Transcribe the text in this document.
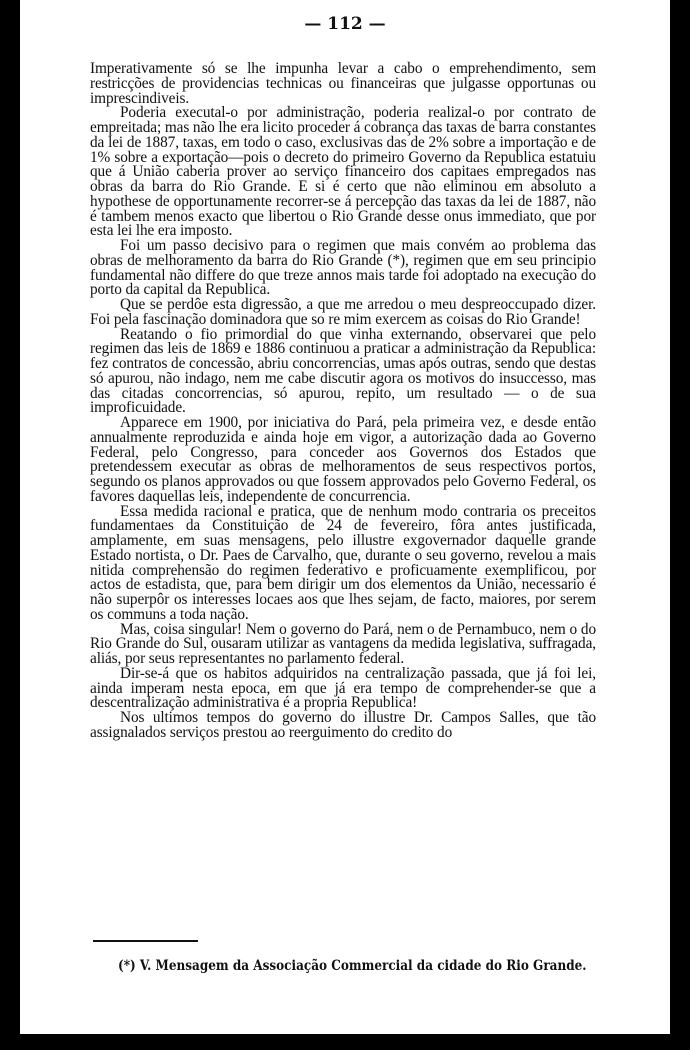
— 112 —

Imperativamente só se lhe impunha levar a cabo o emprehendimento, sem restricções de providencias technicas ou financeiras que julgasse opportunas ou imprescindiveis.

Poderia executal-o por administração, poderia realizal-o por contrato de empreitada; mas não lhe era licito proceder á cobrança das taxas de barra constantes da lei de 1887, taxas, em todo o caso, exclusivas das de 2% sobre a importação e de 1% sobre a exportação—pois o decreto do primeiro Governo da Republica estatuiu que á União caberia prover ao serviço financeiro dos capitaes empregados nas obras da barra do Rio Grande. E si é certo que não eliminou em absoluto a hypothese de opportunamente recorrer-se á percepção das taxas da lei de 1887, não é tambem menos exacto que libertou o Rio Grande desse onus immediato, que por esta lei lhe era imposto.

Foi um passo decisivo para o regimen que mais convém ao problema das obras de melhoramento da barra do Rio Grande (*), regimen que em seu principio fundamental não differe do que treze annos mais tarde foi adoptado na execução do porto da capital da Republica.

Que se perdôe esta digressão, a que me arredou o meu despreoccupado dizer. Foi pela fascinação dominadora que so re mim exercem as coisas do Rio Grande!

Reatando o fio primordial do que vinha externando, observarei que pelo regimen das leis de 1869 e 1886 continuou a praticar a administração da Republica: fez contratos de concessão, abriu concorrencias, umas após outras, sendo que destas só apurou, não indago, nem me cabe discutir agora os motivos do insuccesso, mas das citadas concorrencias, só apurou, repito, um resultado — o de sua improficuidade.

Apparece em 1900, por iniciativa do Pará, pela primeira vez, e desde então annualmente reproduzida e ainda hoje em vigor, a autorização dada ao Governo Federal, pelo Congresso, para conceder aos Governos dos Estados que pretendessem executar as obras de melhoramentos de seus respectivos portos, segundo os planos approvados ou que fossem approvados pelo Governo Federal, os favores daquellas leis, independente de concurrencia.

Essa medida racional e pratica, que de nenhum modo contraria os preceitos fundamentaes da Constituição de 24 de fevereiro, fôra antes justificada, amplamente, em suas mensagens, pelo illustre exgovernador daquelle grande Estado nortista, o Dr. Paes de Carvalho, que, durante o seu governo, revelou a mais nitida comprehensão do regimen federativo e proficuamente exemplificou, por actos de estadista, que, para bem dirigir um dos elementos da União, necessario é não superpôr os interesses locaes aos que lhes sejam, de facto, maiores, por serem os communs a toda nação.

Mas, coisa singular! Nem o governo do Pará, nem o de Pernambuco, nem o do Rio Grande do Sul, ousaram utilizar as vantagens da medida legislativa, suffragada, aliás, por seus representantes no parlamento federal.

Dir-se-á que os habitos adquiridos na centralização passada, que já foi lei, ainda imperam nesta epoca, em que já era tempo de comprehender-se que a descentralização administrativa é a propria Republica!

Nos ultimos tempos do governo do illustre Dr. Campos Salles, que tão assignalados serviços prestou ao reerguimento do credito do

(*) V. Mensagem da Associação Commercial da cidade do Rio Grande.
